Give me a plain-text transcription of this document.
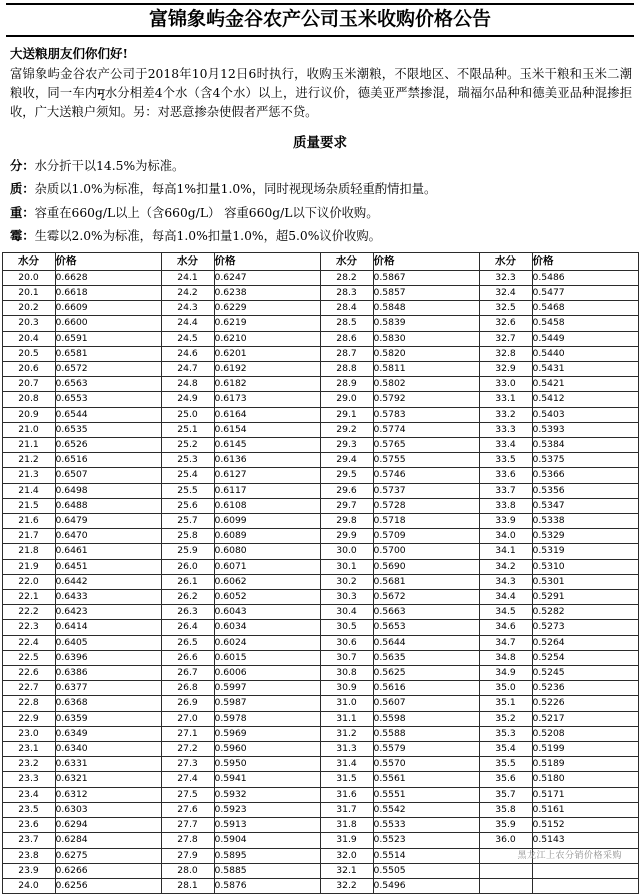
富锦象屿金谷农产公司玉米收购价格公告
大送粮朋友们你们好!
富锦象屿金谷农产公司于2018年10月12日6时执行，收购玉米潮粮，不限地区、不限品种。玉米干粮和玉米二潮粮收，同一车内मृ水分相差4个水（含4个水）以上，进行议价，德美亚严禁掺混，瑞福尔品种和德美亚品种混掺拒收，广大送粮户须知。另：对恶意掺杂使假者严惩不贷。
质量要求
分：水分折干以14.5%为标准。
质：杂质以1.0%为标准，每高1%扣量1.0%，同时视现场杂质轻重酌情扣量。
重：容重在660g/L以上（含660g/L） 容重660g/L以下议价收购。
霉：生霉以2.0%为标准，每高1.0%扣量1.0%，超5.0%议价收购。
水分	价格	水分	价格	水分	价格	水分	价格
20.0	0.6628	24.1	0.6247	28.2	0.5867	32.3	0.5486
20.1	0.6618	24.2	0.6238	28.3	0.5857	32.4	0.5477
20.2	0.6609	24.3	0.6229	28.4	0.5848	32.5	0.5468
20.3	0.6600	24.4	0.6219	28.5	0.5839	32.6	0.5458
20.4	0.6591	24.5	0.6210	28.6	0.5830	32.7	0.5449
20.5	0.6581	24.6	0.6201	28.7	0.5820	32.8	0.5440
20.6	0.6572	24.7	0.6192	28.8	0.5811	32.9	0.5431
20.7	0.6563	24.8	0.6182	28.9	0.5802	33.0	0.5421
20.8	0.6553	24.9	0.6173	29.0	0.5792	33.1	0.5412
20.9	0.6544	25.0	0.6164	29.1	0.5783	33.2	0.5403
21.0	0.6535	25.1	0.6154	29.2	0.5774	33.3	0.5393
21.1	0.6526	25.2	0.6145	29.3	0.5765	33.4	0.5384
21.2	0.6516	25.3	0.6136	29.4	0.5755	33.5	0.5375
21.3	0.6507	25.4	0.6127	29.5	0.5746	33.6	0.5366
21.4	0.6498	25.5	0.6117	29.6	0.5737	33.7	0.5356
21.5	0.6488	25.6	0.6108	29.7	0.5728	33.8	0.5347
21.6	0.6479	25.7	0.6099	29.8	0.5718	33.9	0.5338
21.7	0.6470	25.8	0.6089	29.9	0.5709	34.0	0.5329
21.8	0.6461	25.9	0.6080	30.0	0.5700	34.1	0.5319
21.9	0.6451	26.0	0.6071	30.1	0.5690	34.2	0.5310
22.0	0.6442	26.1	0.6062	30.2	0.5681	34.3	0.5301
22.1	0.6433	26.2	0.6052	30.3	0.5672	34.4	0.5291
22.2	0.6423	26.3	0.6043	30.4	0.5663	34.5	0.5282
22.3	0.6414	26.4	0.6034	30.5	0.5653	34.6	0.5273
22.4	0.6405	26.5	0.6024	30.6	0.5644	34.7	0.5264
22.5	0.6396	26.6	0.6015	30.7	0.5635	34.8	0.5254
22.6	0.6386	26.7	0.6006	30.8	0.5625	34.9	0.5245
22.7	0.6377	26.8	0.5997	30.9	0.5616	35.0	0.5236
22.8	0.6368	26.9	0.5987	31.0	0.5607	35.1	0.5226
22.9	0.6359	27.0	0.5978	31.1	0.5598	35.2	0.5217
23.0	0.6349	27.1	0.5969	31.2	0.5588	35.3	0.5208
23.1	0.6340	27.2	0.5960	31.3	0.5579	35.4	0.5199
23.2	0.6331	27.3	0.5950	31.4	0.5570	35.5	0.5189
23.3	0.6321	27.4	0.5941	31.5	0.5561	35.6	0.5180
23.4	0.6312	27.5	0.5932	31.6	0.5551	35.7	0.5171
23.5	0.6303	27.6	0.5923	31.7	0.5542	35.8	0.5161
23.6	0.6294	27.7	0.5913	31.8	0.5533	35.9	0.5152
23.7	0.6284	27.8	0.5904	31.9	0.5523	36.0	0.5143
23.8	0.6275	27.9	0.5895	32.0	0.5514		
23.9	0.6266	28.0	0.5885	32.1	0.5505		
24.0	0.6256	28.1	0.5876	32.2	0.5496		
黑龙江上农分销价格采购
